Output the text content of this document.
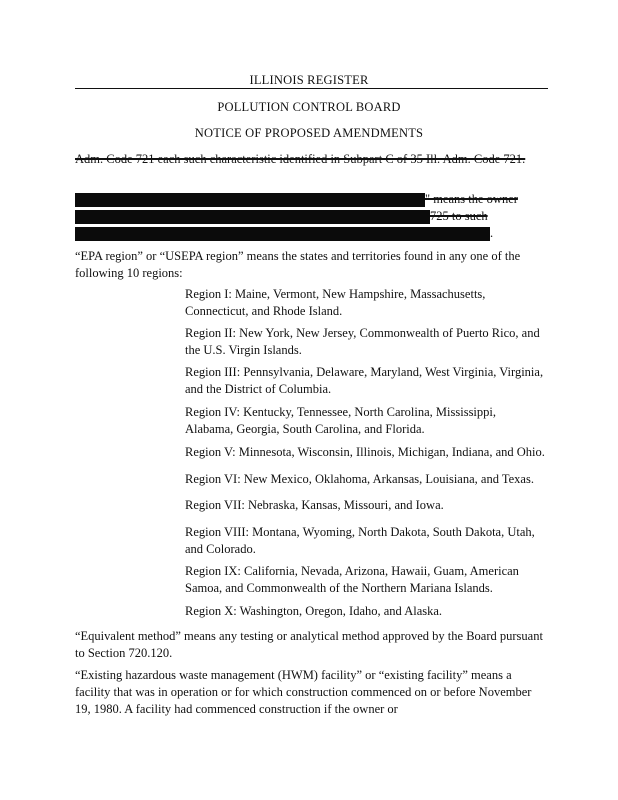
ILLINOIS REGISTER
POLLUTION CONTROL BOARD
NOTICE OF PROPOSED AMENDMENTS
Adm. Code 721 each such characteristic identified in Subpart C of 35 Ill. Adm. Code 721.
" means the owner
725 to such
.
“EPA region” or “USEPA region” means the states and territories found in any one of the following 10 regions:
Region I: Maine, Vermont, New Hampshire, Massachusetts, Connecticut, and Rhode Island.
Region II: New York, New Jersey, Commonwealth of Puerto Rico, and the U.S. Virgin Islands.
Region III: Pennsylvania, Delaware, Maryland, West Virginia, Virginia, and the District of Columbia.
Region IV: Kentucky, Tennessee, North Carolina, Mississippi, Alabama, Georgia, South Carolina, and Florida.
Region V: Minnesota, Wisconsin, Illinois, Michigan, Indiana, and Ohio.
Region VI: New Mexico, Oklahoma, Arkansas, Louisiana, and Texas.
Region VII: Nebraska, Kansas, Missouri, and Iowa.
Region VIII: Montana, Wyoming, North Dakota, South Dakota, Utah, and Colorado.
Region IX: California, Nevada, Arizona, Hawaii, Guam, American Samoa, and Commonwealth of the Northern Mariana Islands.
Region X: Washington, Oregon, Idaho, and Alaska.
“Equivalent method” means any testing or analytical method approved by the Board pursuant to Section 720.120.
“Existing hazardous waste management (HWM) facility” or “existing facility” means a facility that was in operation or for which construction commenced on or before November 19, 1980. A facility had commenced construction if the owner or
